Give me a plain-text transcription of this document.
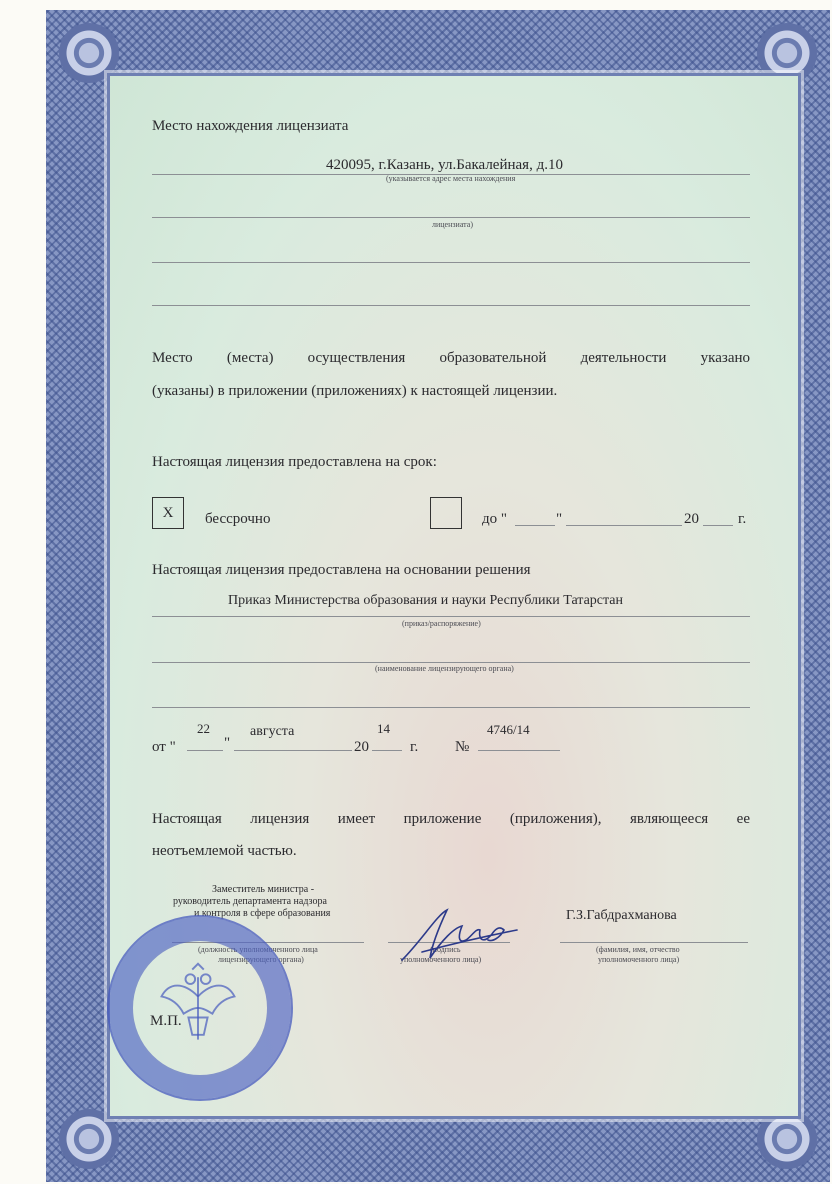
Место нахождения лицензиата
420095, г.Казань, ул.Бакалейная, д.10
(указывается адрес места нахождения
лицензиата)
Место (места) осуществления образовательной деятельности указано
(указаны) в приложении (приложениях) к настоящей лицензии.
Настоящая лицензия предоставлена на срок:
X	бессрочно	до "	"	20	г.
Настоящая лицензия предоставлена на основании решения
Приказ Министерства образования и науки Республики Татарстан
(приказ/распоряжение)
(наименование лицензирующего органа)
от "
22
"
августа
20
14
г. №
4746/14
Настоящая лицензия имеет приложение (приложения), являющееся ее
неотъемлемой частью.
Заместитель министра -
руководитель департамента надзора
и контроля в сфере образования
(должность уполномоченного лица
лицензирующего органа)
(подпись
уполномоченного лица)
Г.З.Габдрахманова
(фамилия, имя, отчество
уполномоченного лица)
М.П.
